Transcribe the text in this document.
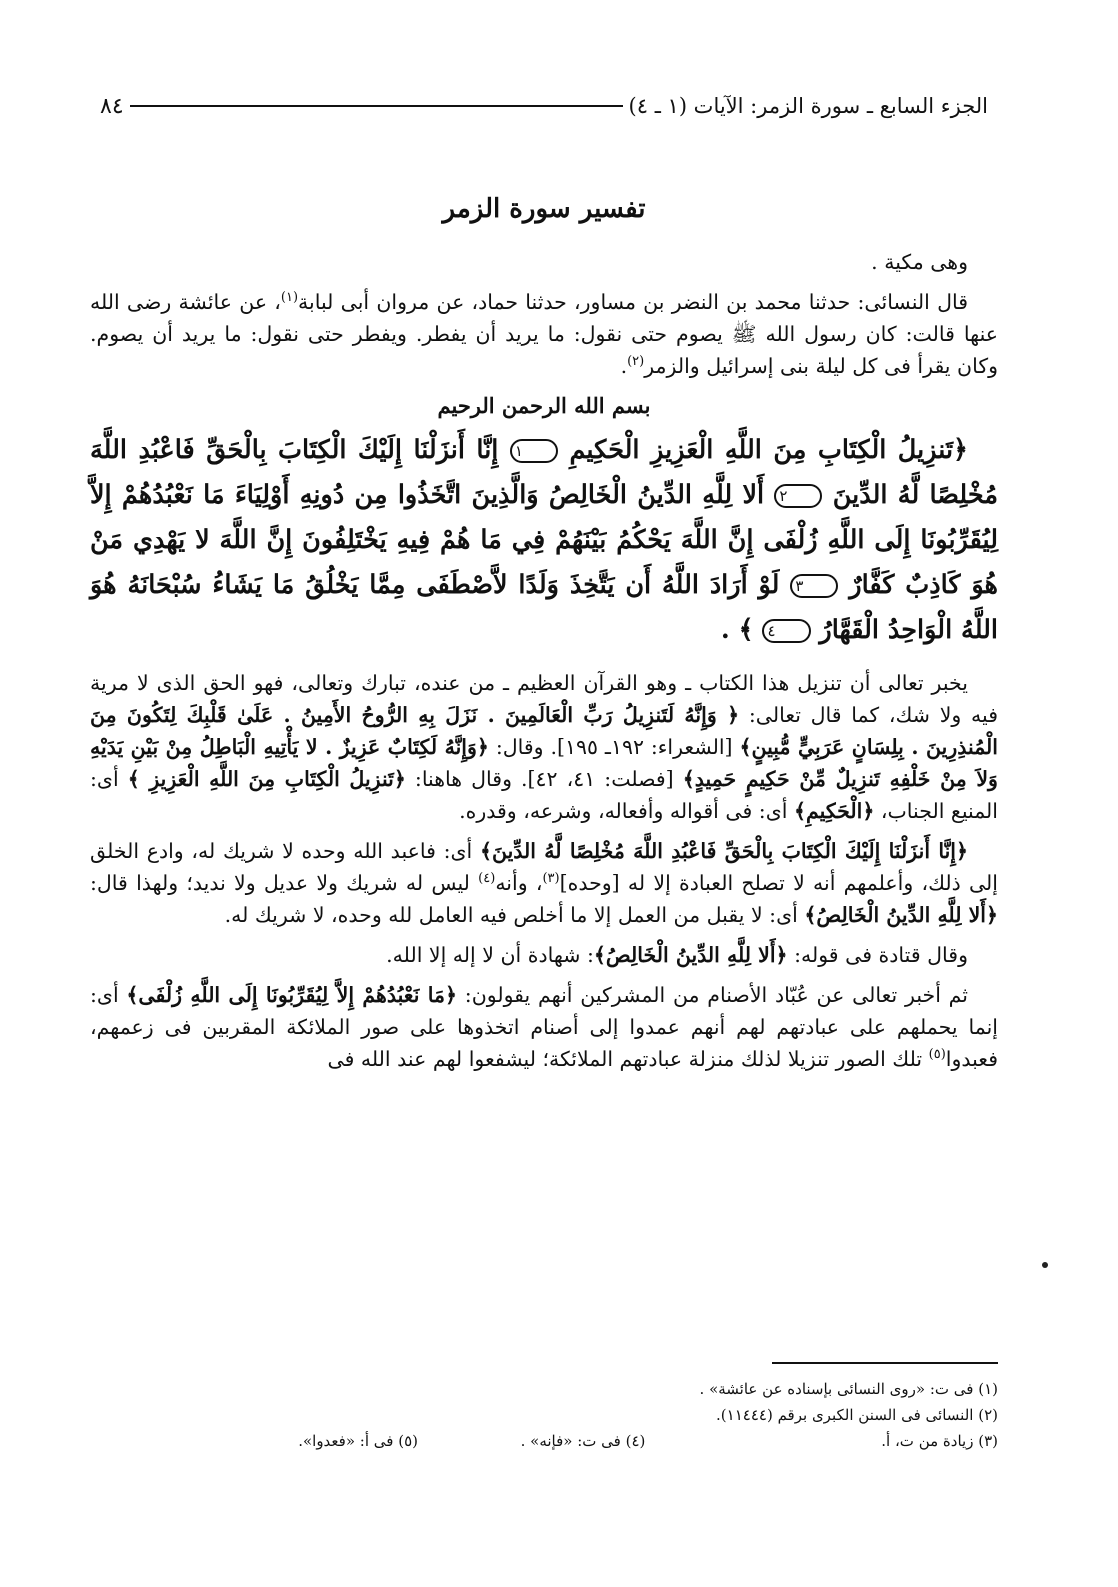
الجزء السابع ـ سورة الزمر: الآيات (١ ـ ٤)
٨٤
تفسير سورة الزمر

وهى مكية .

قال النسائى: حدثنا محمد بن النضر بن مساور، حدثنا حماد، عن مروان أبى لبابة$^{(١)}$، عن عائشة رضى الله عنها قالت: كان رسول الله ﷺ يصوم حتى نقول: ما يريد أن يفطر. ويفطر حتى نقول: ما يريد أن يصوم. وكان يقرأ فى كل ليلة بنى إسرائيل والزمر$^{(٢)}$.

بسم الله الرحمن الرحيم

﴿تَنزِيلُ الْكِتَابِ مِنَ اللَّهِ الْعَزِيزِ الْحَكِيمِ ١ إِنَّا أَنزَلْنَا إِلَيْكَ الْكِتَابَ بِالْحَقِّ فَاعْبُدِ اللَّهَ مُخْلِصًا لَّهُ الدِّينَ ٢ أَلا لِلَّهِ الدِّينُ الْخَالِصُ وَالَّذِينَ اتَّخَذُوا مِن دُونِهِ أَوْلِيَاءَ مَا نَعْبُدُهُمْ إِلاَّ لِيُقَرِّبُونَا إِلَى اللَّهِ زُلْفَى إِنَّ اللَّهَ يَحْكُمُ بَيْنَهُمْ فِي مَا هُمْ فِيهِ يَخْتَلِفُونَ إِنَّ اللَّهَ لا يَهْدِي مَنْ هُوَ كَاذِبٌ كَفَّارٌ ٣ لَوْ أَرَادَ اللَّهُ أَن يَتَّخِذَ وَلَدًا لاَّصْطَفَى مِمَّا يَخْلُقُ مَا يَشَاءُ سُبْحَانَهُ هُوَ اللَّهُ الْوَاحِدُ الْقَهَّارُ ٤ ﴾ .

يخبر تعالى أن تنزيل هذا الكتاب ـ وهو القرآن العظيم ـ من عنده، تبارك وتعالى، فهو الحق الذى لا مرية فيه ولا شك، كما قال تعالى: ﴿ وَإِنَّهُ لَتَنزِيلُ رَبِّ الْعَالَمِينَ . نَزَلَ بِهِ الرُّوحُ الأَمِينُ . عَلَىٰ قَلْبِكَ لِتَكُونَ مِنَ الْمُنذِرِينَ . بِلِسَانٍ عَرَبِيٍّ مُّبِينٍ﴾ [الشعراء: ١٩٢ـ ١٩٥]. وقال: ﴿وَإِنَّهُ لَكِتَابٌ عَزِيزٌ . لا يَأْتِيهِ الْبَاطِلُ مِنْ بَيْنِ يَدَيْهِ وَلاَ مِنْ خَلْفِهِ تَنزِيلٌ مِّنْ حَكِيمٍ حَمِيدٍ﴾ [فصلت: ٤١، ٤٢]. وقال هاهنا: ﴿تَنزِيلُ الْكِتَابِ مِنَ اللَّهِ الْعَزِيزِ ﴾ أى: المنيع الجناب، ﴿الْحَكِيمِ﴾ أى: فى أقواله وأفعاله، وشرعه، وقدره.

﴿إِنَّا أَنزَلْنَا إِلَيْكَ الْكِتَابَ بِالْحَقِّ فَاعْبُدِ اللَّهَ مُخْلِصًا لَّهُ الدِّينَ﴾ أى: فاعبد الله وحده لا شريك له، وادع الخلق إلى ذلك، وأعلمهم أنه لا تصلح العبادة إلا له [وحده]$^{(٣)}$، وأنه$^{(٤)}$ ليس له شريك ولا عديل ولا نديد؛ ولهذا قال: ﴿أَلا لِلَّهِ الدِّينُ الْخَالِصُ﴾ أى: لا يقبل من العمل إلا ما أخلص فيه العامل لله وحده، لا شريك له.

وقال قتادة فى قوله: ﴿أَلا لِلَّهِ الدِّينُ الْخَالِصُ﴾: شهادة أن لا إله إلا الله.

ثم أخبر تعالى عن عُبّاد الأصنام من المشركين أنهم يقولون: ﴿مَا نَعْبُدُهُمْ إِلاَّ لِيُقَرِّبُونَا إِلَى اللَّهِ زُلْفَى﴾ أى: إنما يحملهم على عبادتهم لهم أنهم عمدوا إلى أصنام اتخذوها على صور الملائكة المقربين فى زعمهم، فعبدوا$^{(٥)}$ تلك الصور تنزيلا لذلك منزلة عبادتهم الملائكة؛ ليشفعوا لهم عند الله فى

(١) فى ت: «روى النسائى بإسناده عن عائشة» .
(٢) النسائى فى السنن الكبرى برقم (١١٤٤٤).
(٣) زيادة من ت، أ.
(٤) فى ت: «فإنه» .
(٥) فى أ: «فعدوا».
